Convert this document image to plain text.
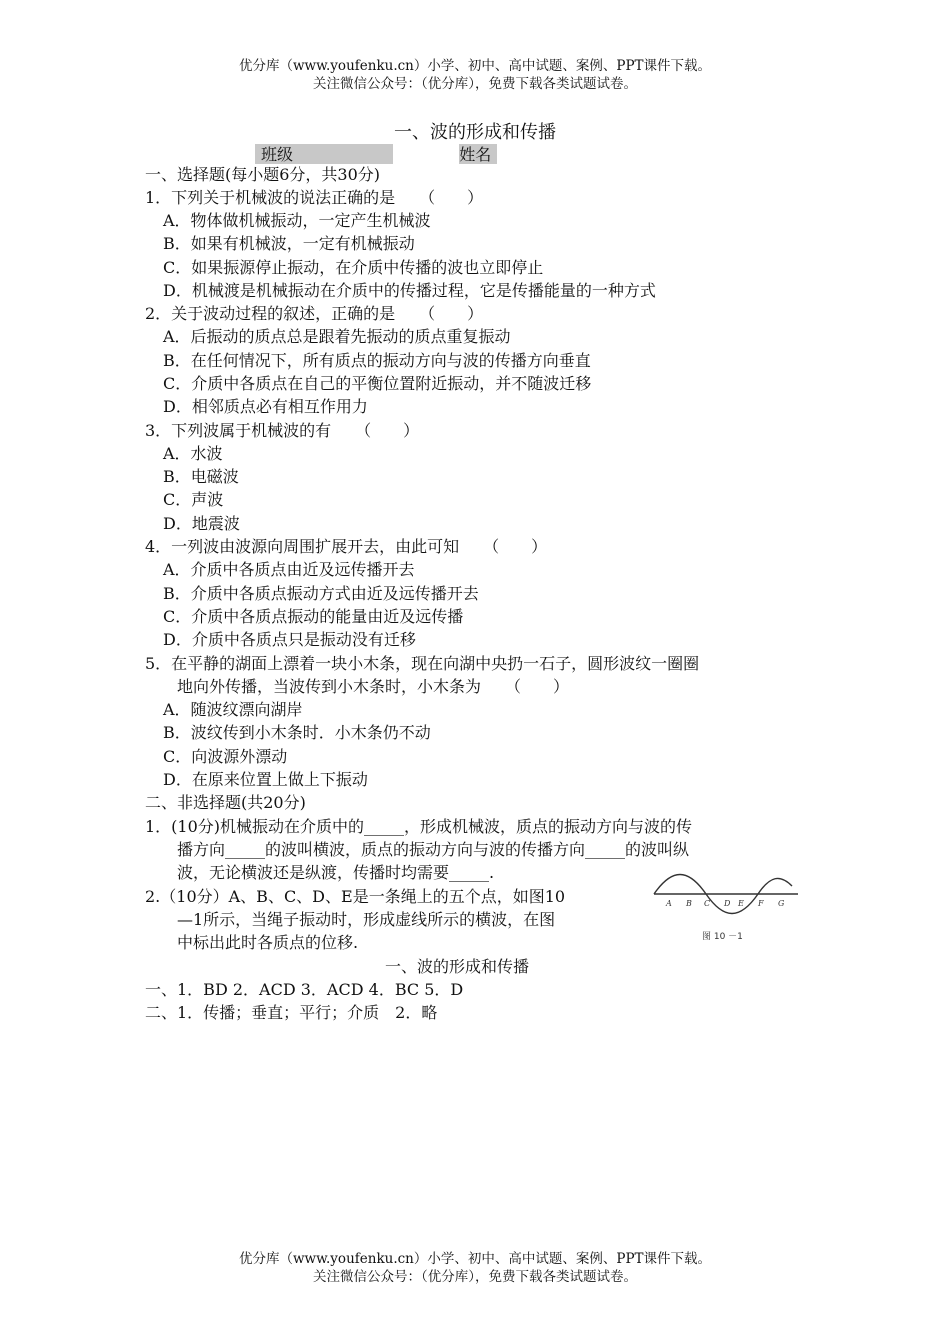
优分库（www.youfenku.cn）小学、初中、高中试题、案例、PPT课件下载。
关注微信公众号：（优分库），免费下载各类试题试卷。
一、波的形成和传播
班级	姓名
一、选择题(每小题6分，共30分)
1．下列关于机械波的说法正确的是　　（　　）
A．物体做机械振动，一定产生机械波
B．如果有机械波，一定有机械振动
C．如果振源停止振动，在介质中传播的波也立即停止
D．机械渡是机械振动在介质中的传播过程，它是传播能量的一种方式
2．关于波动过程的叙述，正确的是　　（　　）
A．后振动的质点总是跟着先振动的质点重复振动
B．在任何情况下，所有质点的振动方向与波的传播方向垂直
C．介质中各质点在自己的平衡位置附近振动，并不随波迁移
D．相邻质点必有相互作用力
3．下列波属于机械波的有　　（　　）
A．水波
B．电磁波
C．声波
D．地震波
4．一列波由波源向周围扩展开去，由此可知　　（　　）
A．介质中各质点由近及远传播开去
B．介质中各质点振动方式由近及远传播开去
C．介质中各质点振动的能量由近及远传播
D．介质中各质点只是振动没有迁移
5．在平静的湖面上漂着一块小木条，现在向湖中央扔一石子，圆形波纹一圈圈
地向外传播，当波传到小木条时，小木条为　　（　　）
A．随波纹漂向湖岸
B．波纹传到小木条时．小木条仍不动
C．向波源外漂动
D．在原来位置上做上下振动
二、非选择题(共20分)
1．(10分)机械振动在介质中的_____，形成机械波，质点的振动方向与波的传
播方向_____的波叫横波，质点的振动方向与波的传播方向_____的波叫纵
波，无论横波还是纵渡，传播时均需要_____.
2.（10分）A、B、C、D、E是一条绳上的五个点，如图10
—1所示，当绳子振动时，形成虚线所示的横波，在图
中标出此时各质点的位移.
A B C D E F G
图 10 －1
一、波的形成和传播
一、1．BD 2．ACD 3．ACD 4．BC 5．D
二、1．传播；垂直；平行；介质　2．略
优分库（www.youfenku.cn）小学、初中、高中试题、案例、PPT课件下载。
关注微信公众号：（优分库），免费下载各类试题试卷。
